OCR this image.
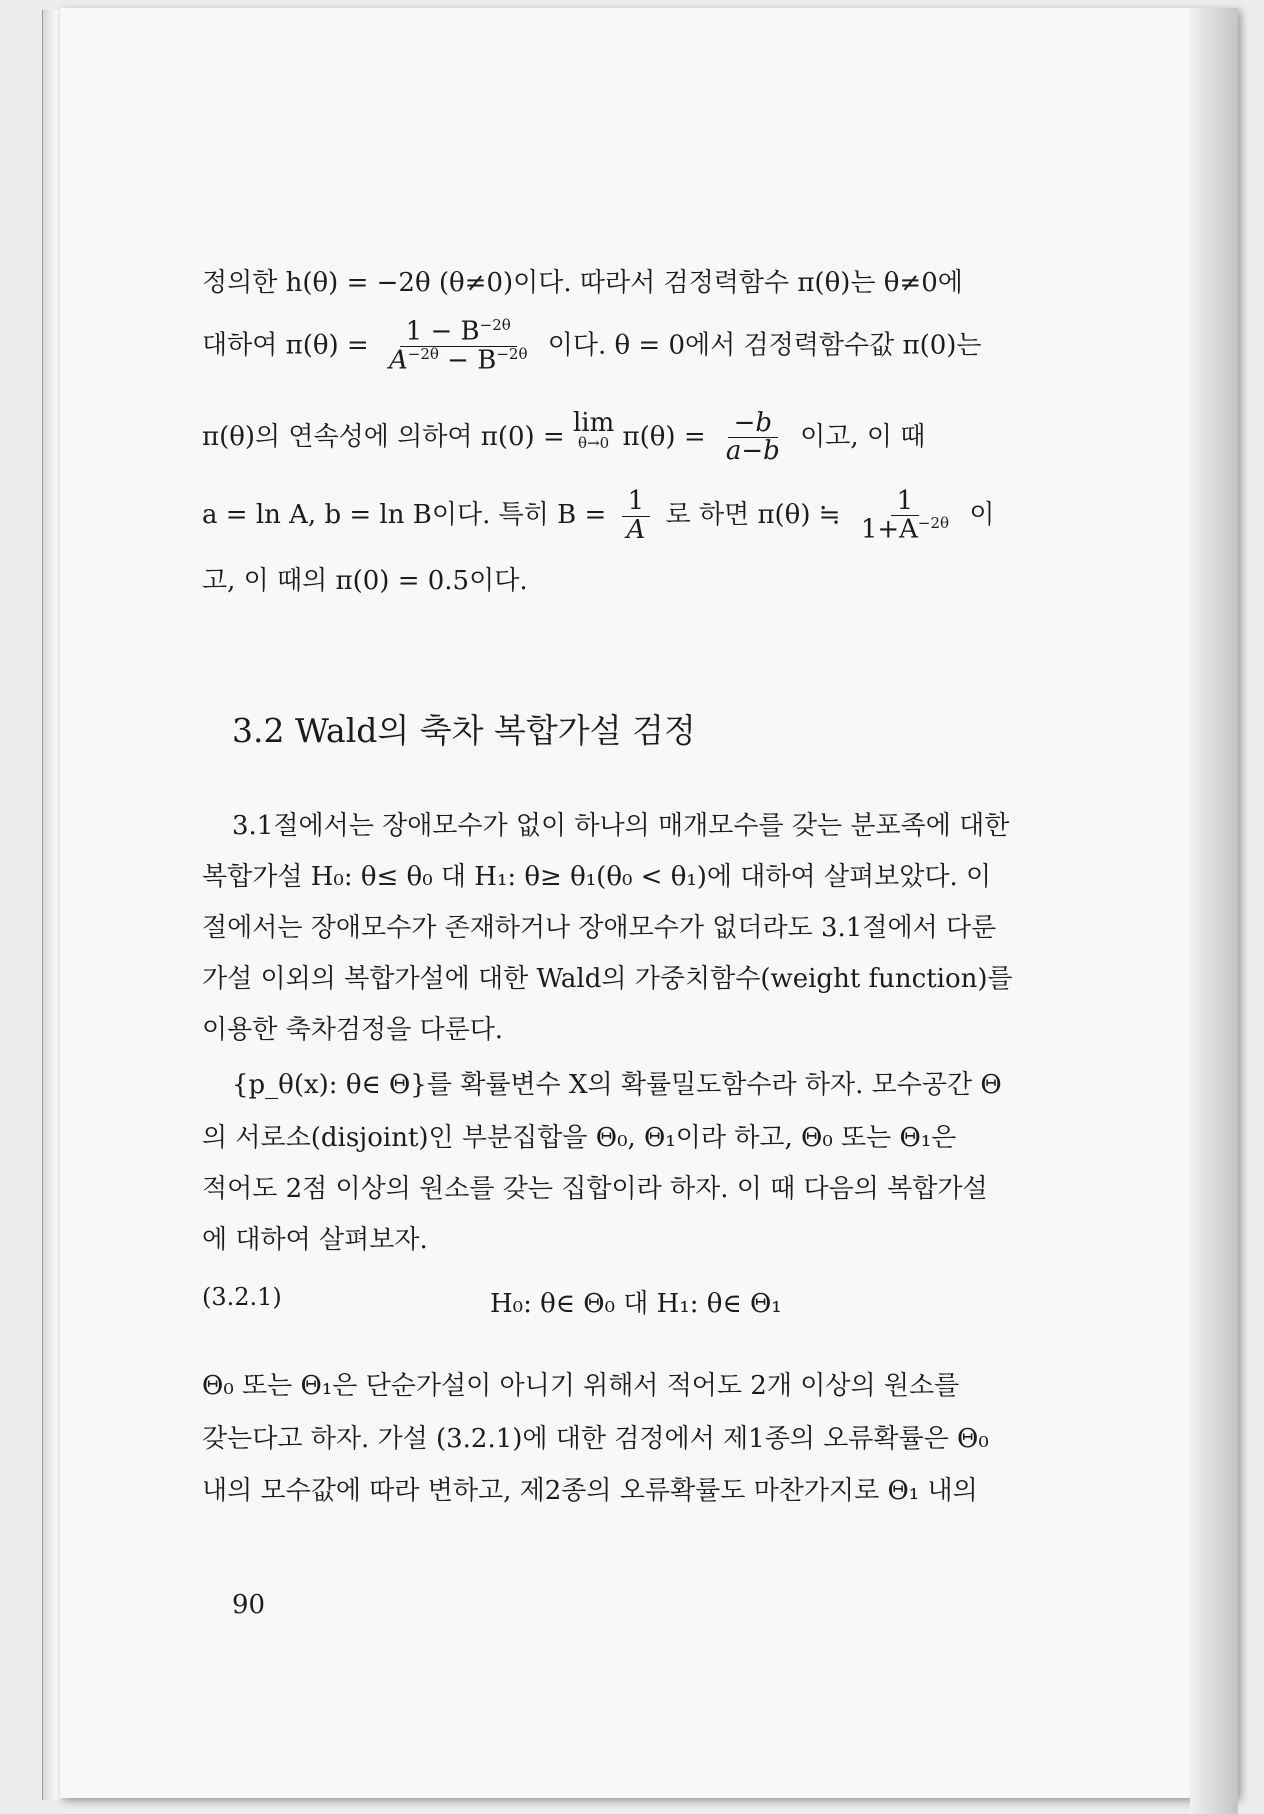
정의한 h(θ) = −2θ (θ≠0)이다. 따라서 검정력함수 π(θ)는 θ≠0에
대하여 $\pi(\theta) = \frac{1 - B^{-2\theta}}{A^{-2\theta} - B^{-2\theta}}$ 이다. θ = 0에서 검정력함수값 π(0)는
π(θ)의 연속성에 의하여 π(0) = lim
θ→0 $\pi(\theta) = \frac{-b}{a-b}$ 이고, 이 때
a = ln A, b = ln B이다. 특히 $B = \frac{1}{A}$ 로 하면 π(θ) ≒ $\frac{1}{1+A^{-2\theta}}$ 이
고, 이 때의 π(0) = 0.5이다.
3.2 Wald의 축차 복합가설 검정
3.1절에서는 장애모수가 없이 하나의 매개모수를 갖는 분포족에 대한
복합가설 H₀: θ≤ θ₀ 대 H₁: θ≥ θ₁(θ₀ < θ₁)에 대하여 살펴보았다. 이
절에서는 장애모수가 존재하거나 장애모수가 없더라도 3.1절에서 다룬
가설 이외의 복합가설에 대한 Wald의 가중치함수(weight function)를
이용한 축차검정을 다룬다.
{p_θ(x): θ∈ Θ}를 확률변수 X의 확률밀도함수라 하자. 모수공간 Θ
의 서로소(disjoint)인 부분집합을 Θ₀, Θ₁이라 하고, Θ₀ 또는 Θ₁은
적어도 2점 이상의 원소를 갖는 집합이라 하자. 이 때 다음의 복합가설
에 대하여 살펴보자.
(3.2.1)	H₀: θ∈ Θ₀ 대 H₁: θ∈ Θ₁
Θ₀ 또는 Θ₁은 단순가설이 아니기 위해서 적어도 2개 이상의 원소를
갖는다고 하자. 가설 (3.2.1)에 대한 검정에서 제1종의 오류확률은 Θ₀
내의 모수값에 따라 변하고, 제2종의 오류확률도 마찬가지로 Θ₁ 내의
90
